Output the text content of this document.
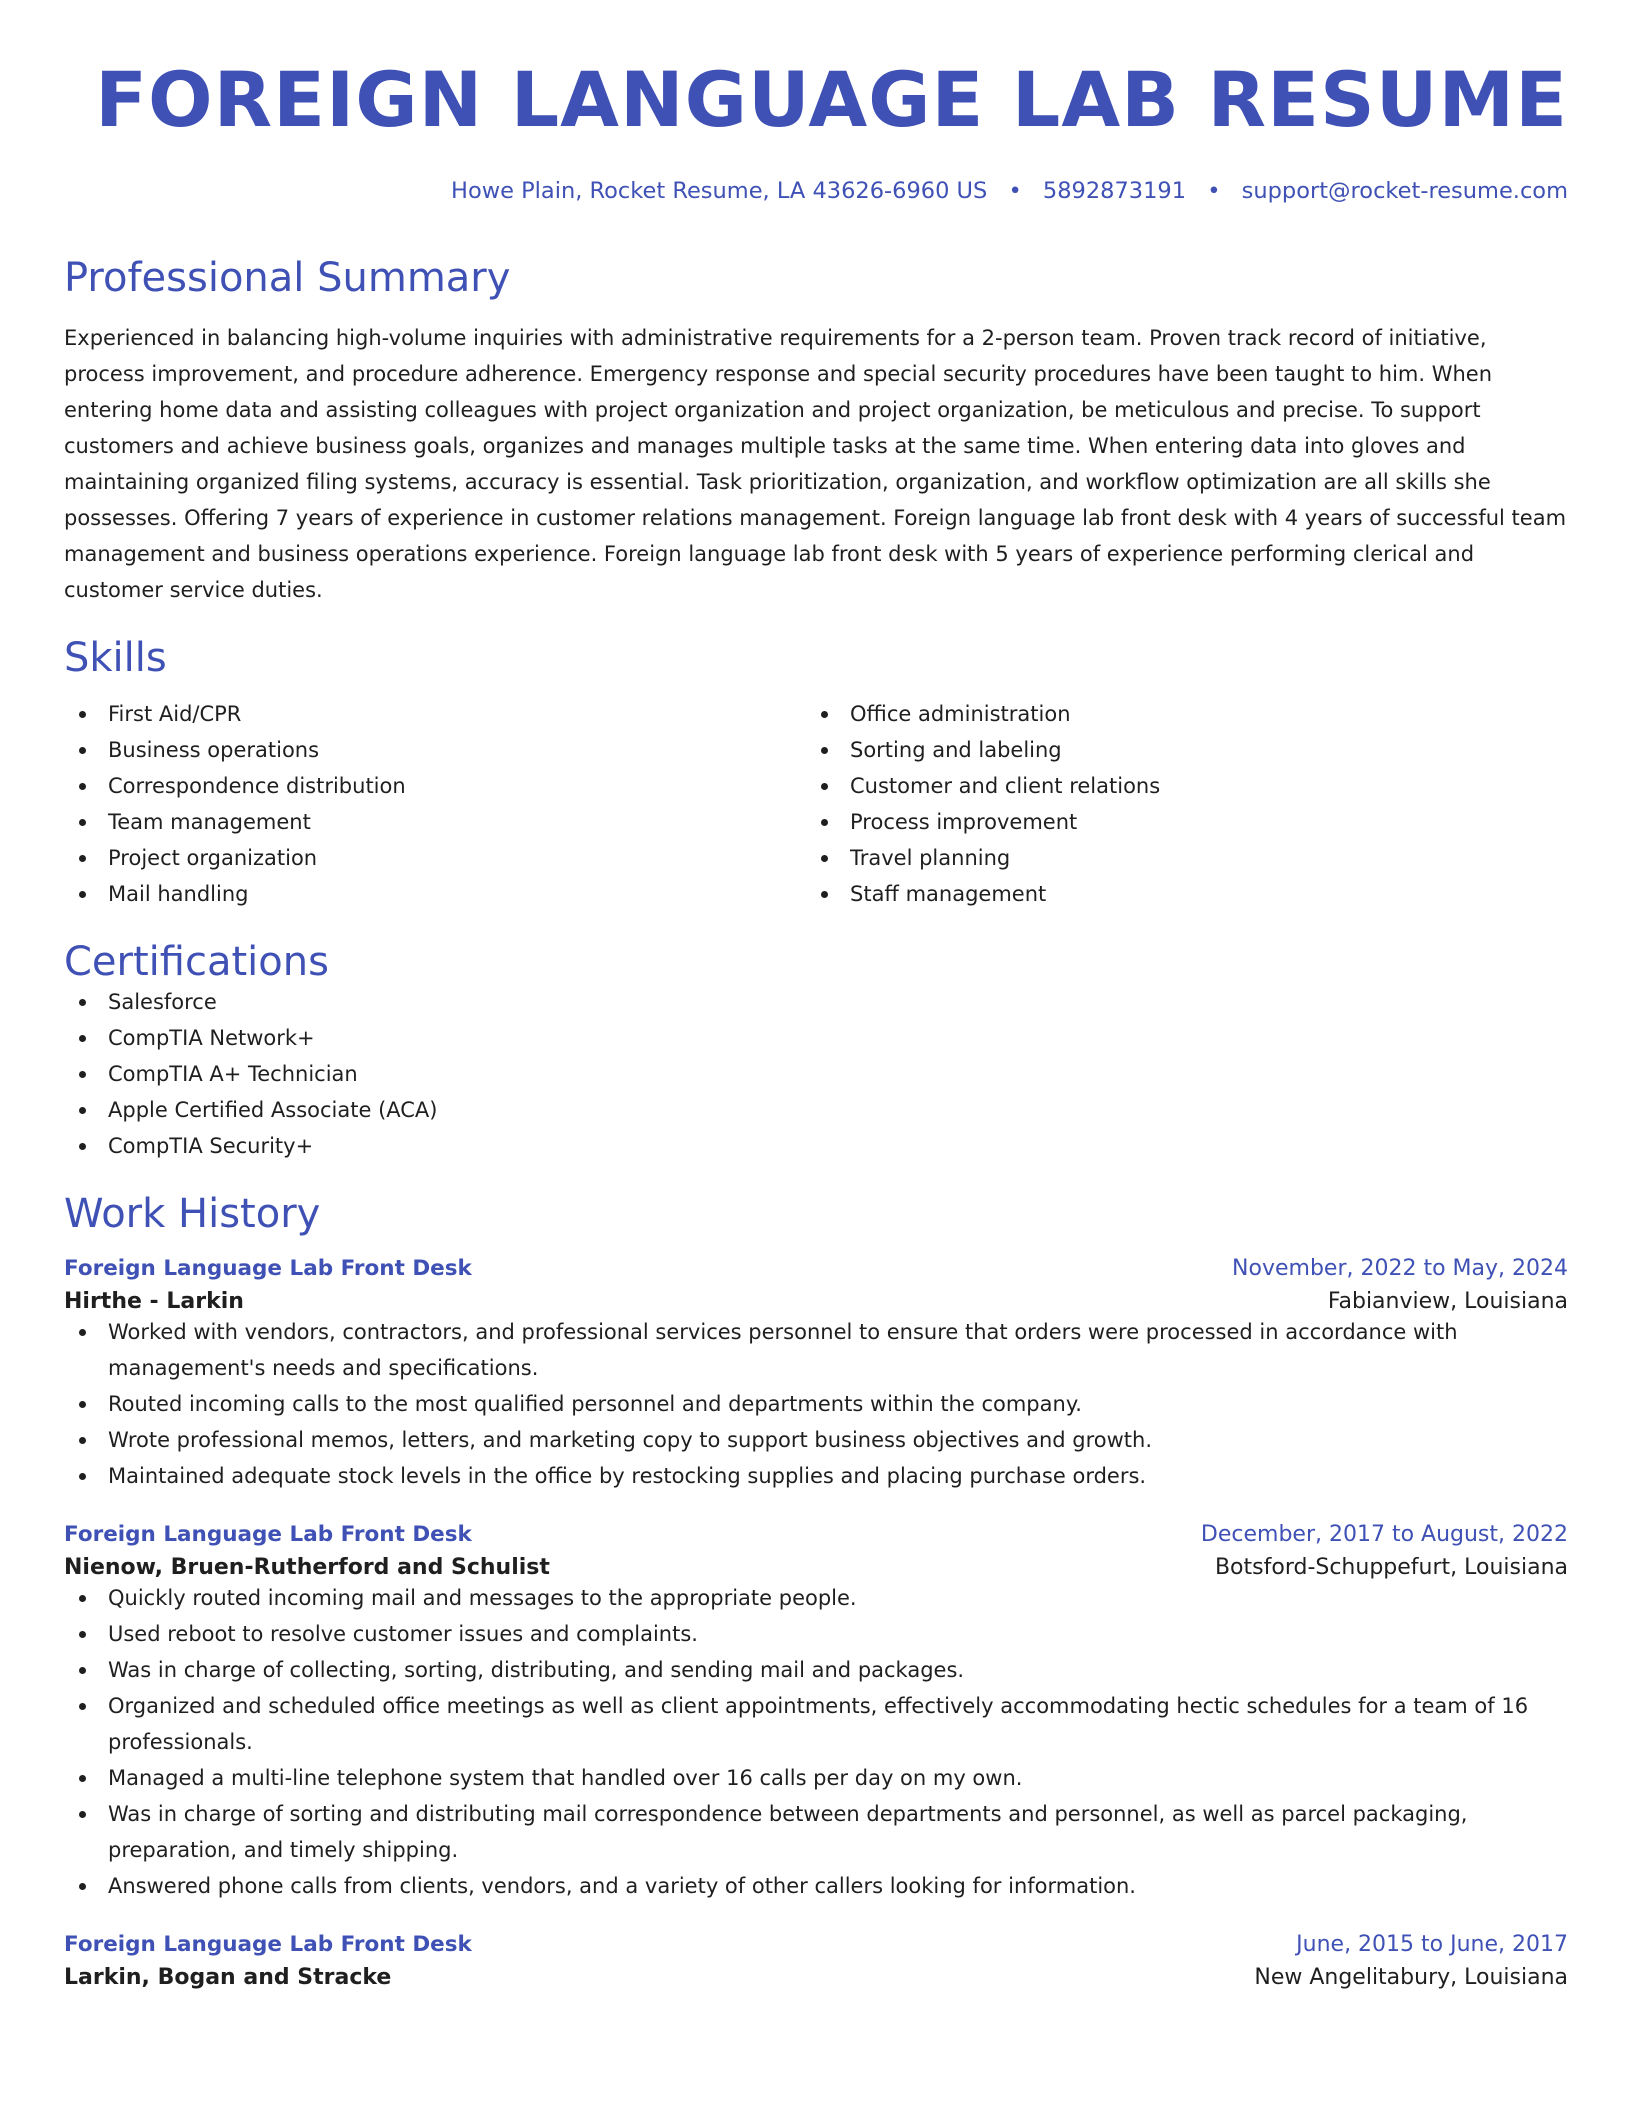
FOREIGN LANGUAGE LAB RESUME
Howe Plain, Rocket Resume, LA 43626-6960 US • 5892873191 • support@rocket-resume.com
Professional Summary

Experienced in balancing high-volume inquiries with administrative requirements for a 2-person team. Proven track record of initiative, process improvement, and procedure adherence. Emergency response and special security procedures have been taught to him. When entering home data and assisting colleagues with project organization and project organization, be meticulous and precise. To support customers and achieve business goals, organizes and manages multiple tasks at the same time. When entering data into gloves and maintaining organized filing systems, accuracy is essential. Task prioritization, organization, and workflow optimization are all skills she possesses. Offering 7 years of experience in customer relations management. Foreign language lab front desk with 4 years of successful team management and business operations experience. Foreign language lab front desk with 5 years of experience performing clerical and customer service duties.

Skills
First Aid/CPR
Business operations
Correspondence distribution
Team management
Project organization
Mail handling
Office administration
Sorting and labeling
Customer and client relations
Process improvement
Travel planning
Staff management
Certifications
Salesforce
CompTIA Network+
CompTIA A+ Technician
Apple Certified Associate (ACA)
CompTIA Security+
Work History
Foreign Language Lab Front Desk	November, 2022 to May, 2024
Hirthe - Larkin	Fabianview, Louisiana
Worked with vendors, contractors, and professional services personnel to ensure that orders were processed in accordance with management's needs and specifications.
Routed incoming calls to the most qualified personnel and departments within the company.
Wrote professional memos, letters, and marketing copy to support business objectives and growth.
Maintained adequate stock levels in the office by restocking supplies and placing purchase orders.
Foreign Language Lab Front Desk	December, 2017 to August, 2022
Nienow, Bruen-Rutherford and Schulist	Botsford-Schuppefurt, Louisiana
Quickly routed incoming mail and messages to the appropriate people.
Used reboot to resolve customer issues and complaints.
Was in charge of collecting, sorting, distributing, and sending mail and packages.
Organized and scheduled office meetings as well as client appointments, effectively accommodating hectic schedules for a team of 16 professionals.
Managed a multi-line telephone system that handled over 16 calls per day on my own.
Was in charge of sorting and distributing mail correspondence between departments and personnel, as well as parcel packaging, preparation, and timely shipping.
Answered phone calls from clients, vendors, and a variety of other callers looking for information.
Foreign Language Lab Front Desk	June, 2015 to June, 2017
Larkin, Bogan and Stracke	New Angelitabury, Louisiana
